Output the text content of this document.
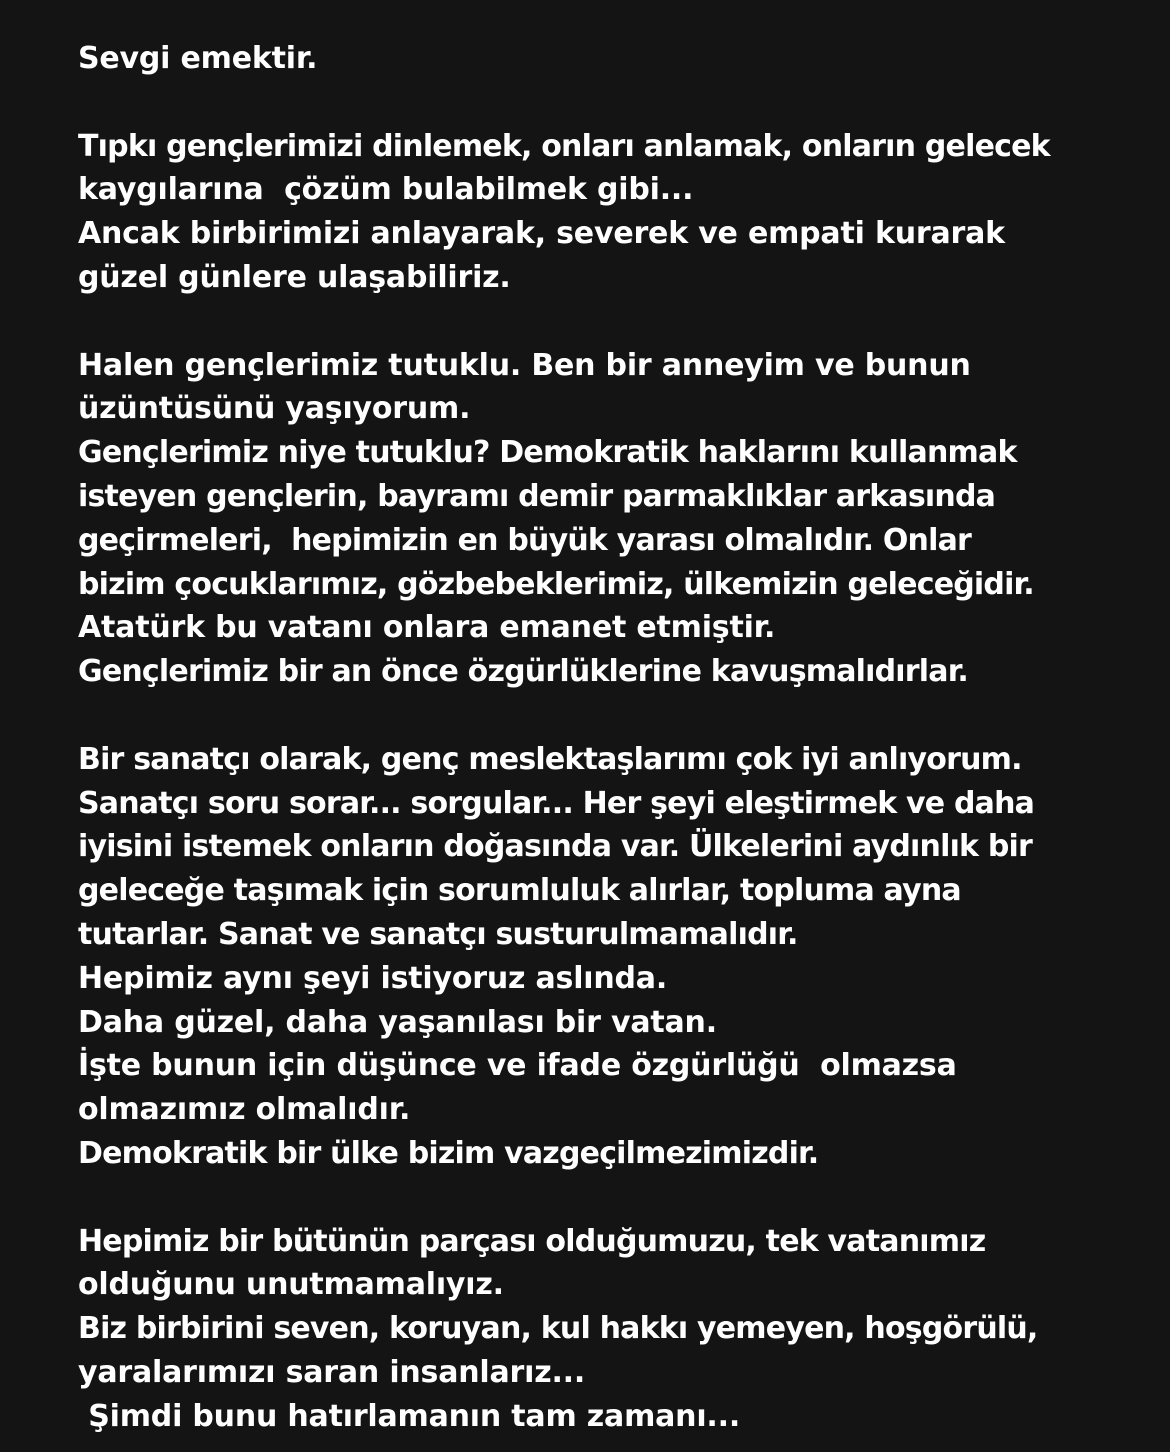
Sevgi emektir.
Tıpkı gençlerimizi dinlemek, onları anlamak, onların gelecek
kaygılarına  çözüm bulabilmek gibi...
Ancak birbirimizi anlayarak, severek ve empati kurarak
güzel günlere ulaşabiliriz.
Halen gençlerimiz tutuklu. Ben bir anneyim ve bunun
üzüntüsünü yaşıyorum.
Gençlerimiz niye tutuklu? Demokratik haklarını kullanmak
isteyen gençlerin, bayramı demir parmaklıklar arkasında
geçirmeleri,  hepimizin en büyük yarası olmalıdır. Onlar
bizim çocuklarımız, gözbebeklerimiz, ülkemizin geleceğidir.
Atatürk bu vatanı onlara emanet etmiştir.
Gençlerimiz bir an önce özgürlüklerine kavuşmalıdırlar.
Bir sanatçı olarak, genç meslektaşlarımı çok iyi anlıyorum.
Sanatçı soru sorar... sorgular... Her şeyi eleştirmek ve daha
iyisini istemek onların doğasında var. Ülkelerini aydınlık bir
geleceğe taşımak için sorumluluk alırlar, topluma ayna
tutarlar. Sanat ve sanatçı susturulmamalıdır.
Hepimiz aynı şeyi istiyoruz aslında.
Daha güzel, daha yaşanılası bir vatan.
İşte bunun için düşünce ve ifade özgürlüğü  olmazsa
olmazımız olmalıdır.
Demokratik bir ülke bizim vazgeçilmezimizdir.
Hepimiz bir bütünün parçası olduğumuzu, tek vatanımız
olduğunu unutmamalıyız.
Biz birbirini seven, koruyan, kul hakkı yemeyen, hoşgörülü,
yaralarımızı saran insanlarız...
Şimdi bunu hatırlamanın tam zamanı...
